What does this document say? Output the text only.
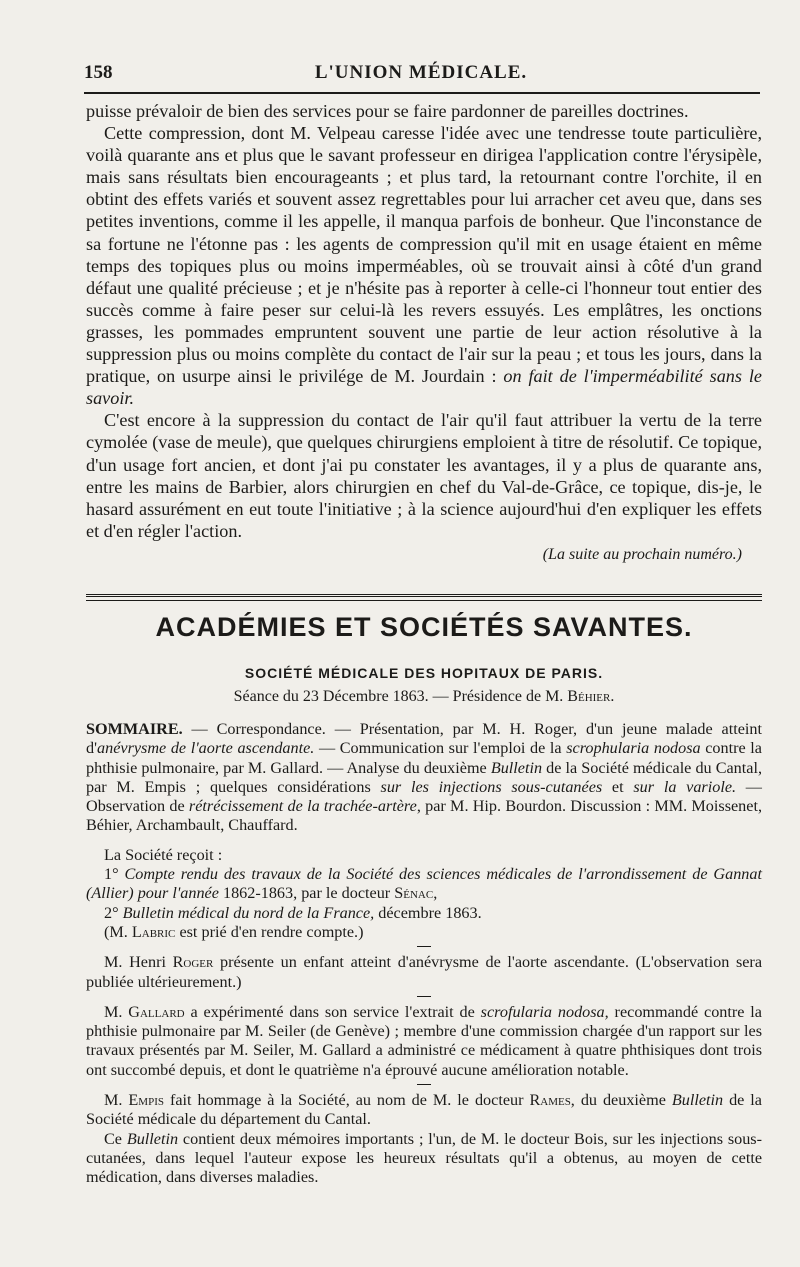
158	L'UNION MÉDICALE.

puisse prévaloir de bien des services pour se faire pardonner de pareilles doctrines.

Cette compression, dont M. Velpeau caresse l'idée avec une tendresse toute particulière, voilà quarante ans et plus que le savant professeur en dirigea l'application contre l'érysipèle, mais sans résultats bien encourageants ; et plus tard, la retournant contre l'orchite, il en obtint des effets variés et souvent assez regrettables pour lui arracher cet aveu que, dans ses petites inventions, comme il les appelle, il manqua parfois de bonheur. Que l'inconstance de sa fortune ne l'étonne pas : les agents de compression qu'il mit en usage étaient en même temps des topiques plus ou moins imperméables, où se trouvait ainsi à côté d'un grand défaut une qualité précieuse ; et je n'hésite pas à reporter à celle-ci l'honneur tout entier des succès comme à faire peser sur celui-là les revers essuyés. Les emplâtres, les onctions grasses, les pommades empruntent souvent une partie de leur action résolutive à la suppression plus ou moins complète du contact de l'air sur la peau ; et tous les jours, dans la pratique, on usurpe ainsi le privilége de M. Jourdain : on fait de l'imperméabilité sans le savoir.

C'est encore à la suppression du contact de l'air qu'il faut attribuer la vertu de la terre cymolée (vase de meule), que quelques chirurgiens emploient à titre de résolutif. Ce topique, d'un usage fort ancien, et dont j'ai pu constater les avantages, il y a plus de quarante ans, entre les mains de Barbier, alors chirurgien en chef du Val-de-Grâce, ce topique, dis-je, le hasard assurément en eut toute l'initiative ; à la science aujourd'hui d'en expliquer les effets et d'en régler l'action.

(La suite au prochain numéro.)
ACADÉMIES ET SOCIÉTÉS SAVANTES.
SOCIÉTÉ MÉDICALE DES HOPITAUX DE PARIS.
Séance du 23 Décembre 1863. — Présidence de M. Béhier.

SOMMAIRE. — Correspondance. — Présentation, par M. H. Roger, d'un jeune malade atteint d'anévrysme de l'aorte ascendante. — Communication sur l'emploi de la scrophularia nodosa contre la phthisie pulmonaire, par M. Gallard. — Analyse du deuxième Bulletin de la Société médicale du Cantal, par M. Empis ; quelques considérations sur les injections sous-cutanées et sur la variole. — Observation de rétrécissement de la trachée-artère, par M. Hip. Bourdon. Discussion : MM. Moissenet, Béhier, Archambault, Chauffard.

La Société reçoit :

1° Compte rendu des travaux de la Société des sciences médicales de l'arrondissement de Gannat (Allier) pour l'année 1862-1863, par le docteur Sénac,

2° Bulletin médical du nord de la France, décembre 1863.

(M. Labric est prié d'en rendre compte.)

M. Henri Roger présente un enfant atteint d'anévrysme de l'aorte ascendante. (L'observation sera publiée ultérieurement.)

M. Gallard a expérimenté dans son service l'extrait de scrofularia nodosa, recommandé contre la phthisie pulmonaire par M. Seiler (de Genève) ; membre d'une commission chargée d'un rapport sur les travaux présentés par M. Seiler, M. Gallard a administré ce médicament à quatre phthisiques dont trois ont succombé depuis, et dont le quatrième n'a éprouvé aucune amélioration notable.

M. Empis fait hommage à la Société, au nom de M. le docteur Rames, du deuxième Bulletin de la Société médicale du département du Cantal.

Ce Bulletin contient deux mémoires importants ; l'un, de M. le docteur Bois, sur les injections sous-cutanées, dans lequel l'auteur expose les heureux résultats qu'il a obtenus, au moyen de cette médication, dans diverses maladies.
